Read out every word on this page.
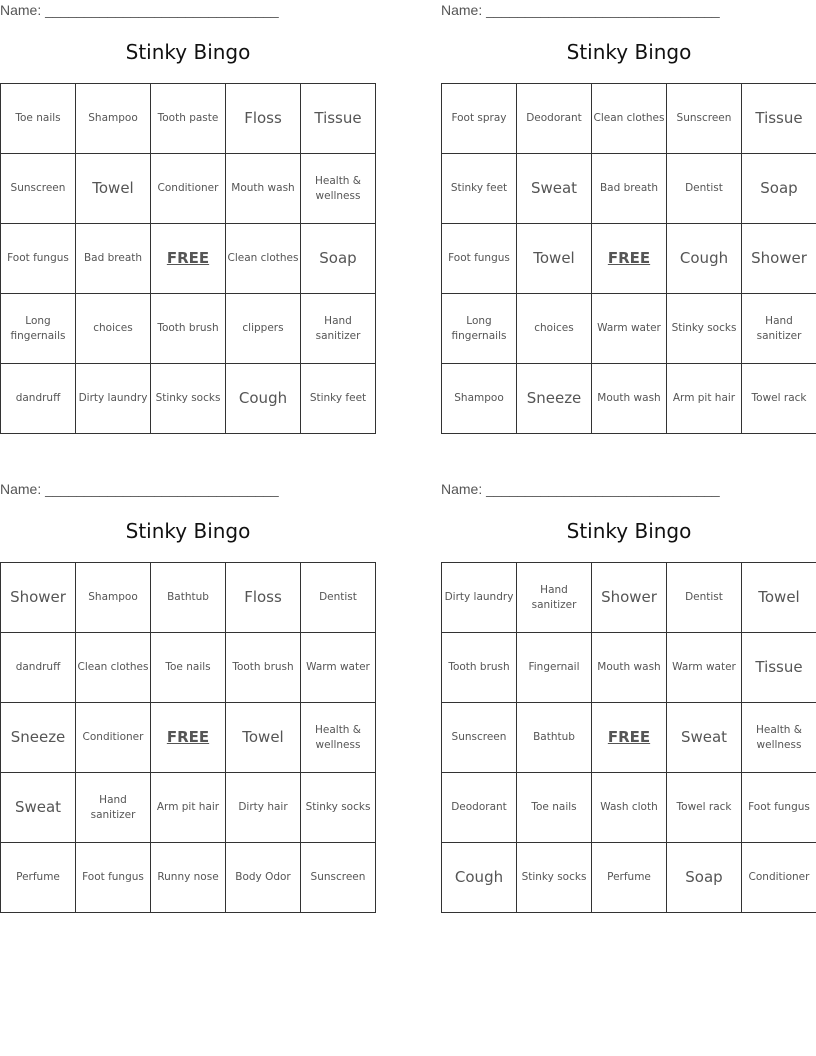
Name: ______________________________
Stinky Bingo
Toe nails	Shampoo	Tooth paste	Floss	Tissue
Sunscreen	Towel	Conditioner	Mouth wash	Health & wellness
Foot fungus	Bad breath	FREE	Clean clothes	Soap
Long fingernails	choices	Tooth brush	clippers	Hand sanitizer
dandruff	Dirty laundry	Stinky socks	Cough	Stinky feet
Name: ______________________________
Stinky Bingo
Foot spray	Deodorant	Clean clothes	Sunscreen	Tissue
Stinky feet	Sweat	Bad breath	Dentist	Soap
Foot fungus	Towel	FREE	Cough	Shower
Long fingernails	choices	Warm water	Stinky socks	Hand sanitizer
Shampoo	Sneeze	Mouth wash	Arm pit hair	Towel rack
Name: ______________________________
Stinky Bingo
Shower	Shampoo	Bathtub	Floss	Dentist
dandruff	Clean clothes	Toe nails	Tooth brush	Warm water
Sneeze	Conditioner	FREE	Towel	Health & wellness
Sweat	Hand sanitizer	Arm pit hair	Dirty hair	Stinky socks
Perfume	Foot fungus	Runny nose	Body Odor	Sunscreen
Name: ______________________________
Stinky Bingo
Dirty laundry	Hand sanitizer	Shower	Dentist	Towel
Tooth brush	Fingernail	Mouth wash	Warm water	Tissue
Sunscreen	Bathtub	FREE	Sweat	Health & wellness
Deodorant	Toe nails	Wash cloth	Towel rack	Foot fungus
Cough	Stinky socks	Perfume	Soap	Conditioner
